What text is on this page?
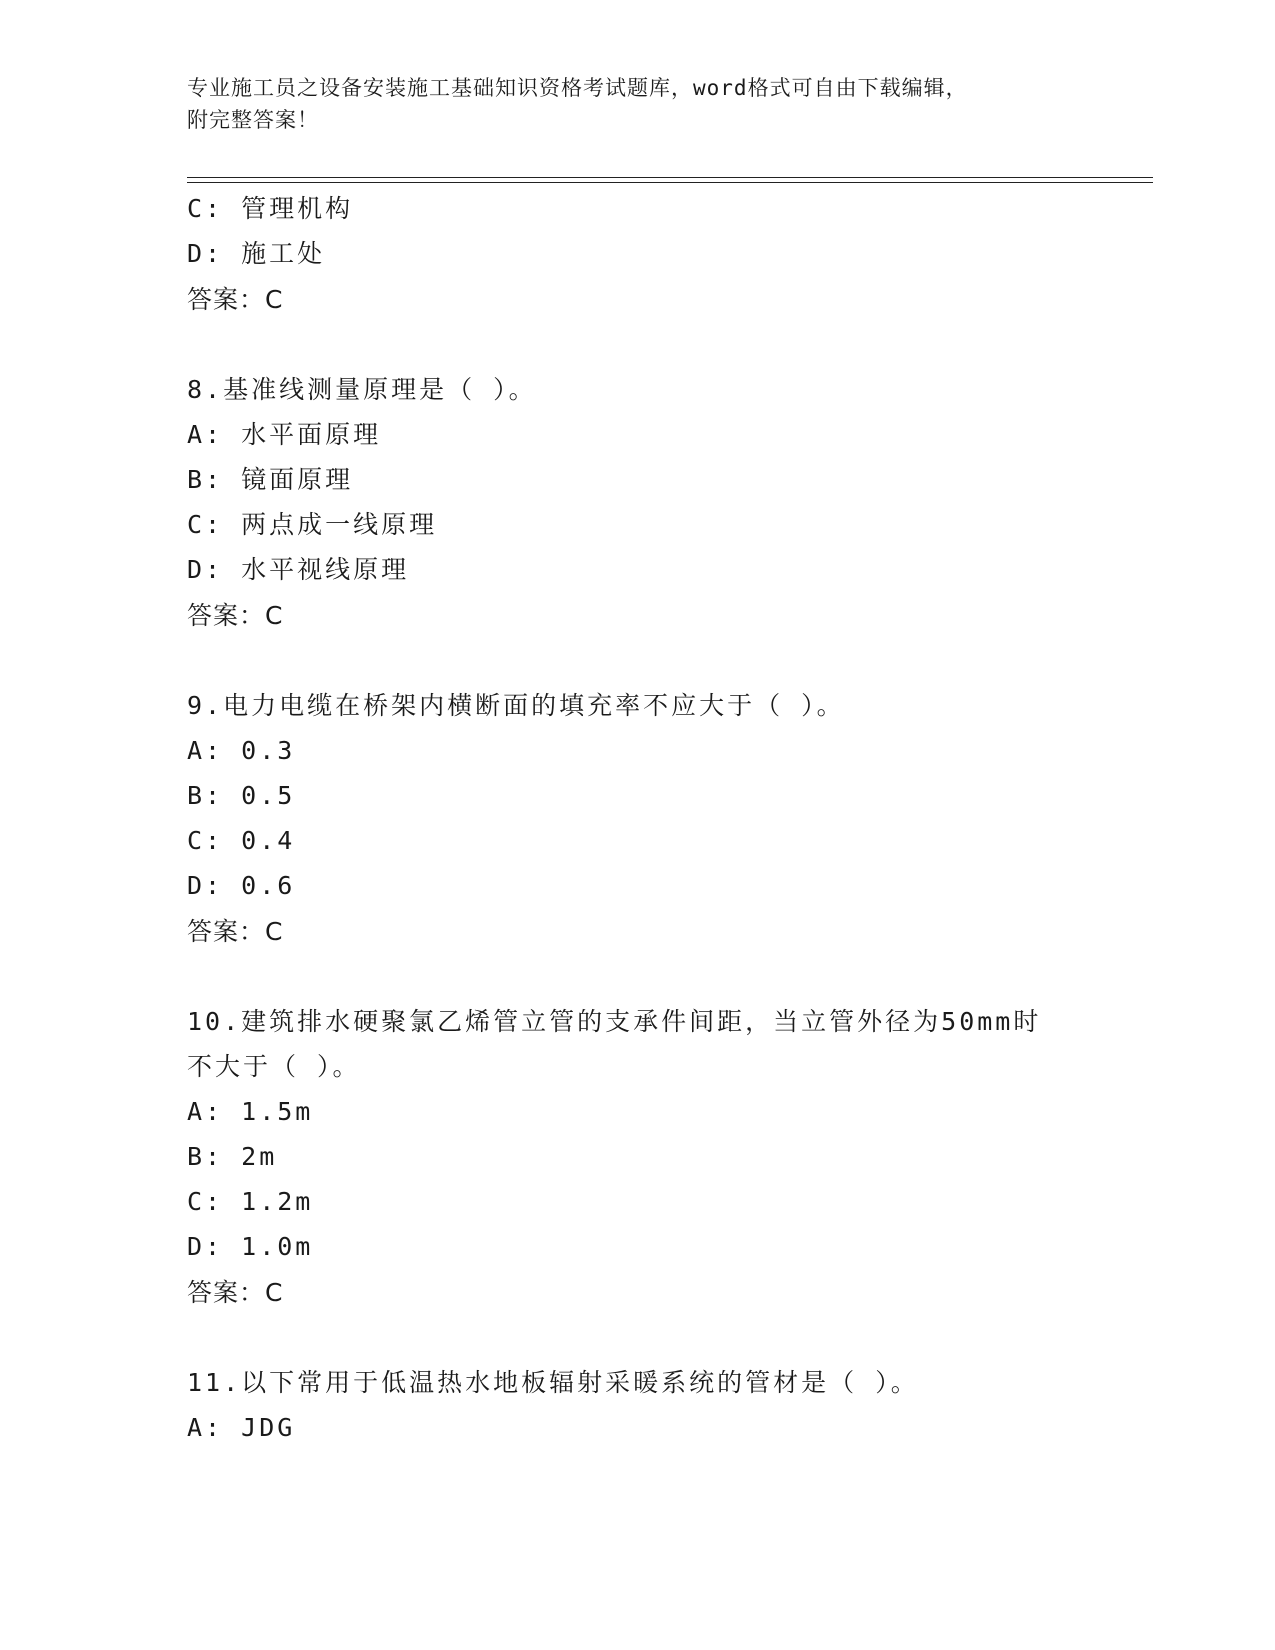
专业施工员之设备安装施工基础知识资格考试题库，word格式可自由下载编辑，
附完整答案！
C: 管理机构
D: 施工处
答案：C
8.基准线测量原理是（ ）。
A: 水平面原理
B: 镜面原理
C: 两点成一线原理
D: 水平视线原理
答案：C
9.电力电缆在桥架内横断面的填充率不应大于（ ）。
A: 0.3
B: 0.5
C: 0.4
D: 0.6
答案：C
10.建筑排水硬聚氯乙烯管立管的支承件间距，当立管外径为50mm时
不大于（ ）。
A: 1.5m
B: 2m
C: 1.2m
D: 1.0m
答案：C
11.以下常用于低温热水地板辐射采暖系统的管材是（ ）。
A: JDG
